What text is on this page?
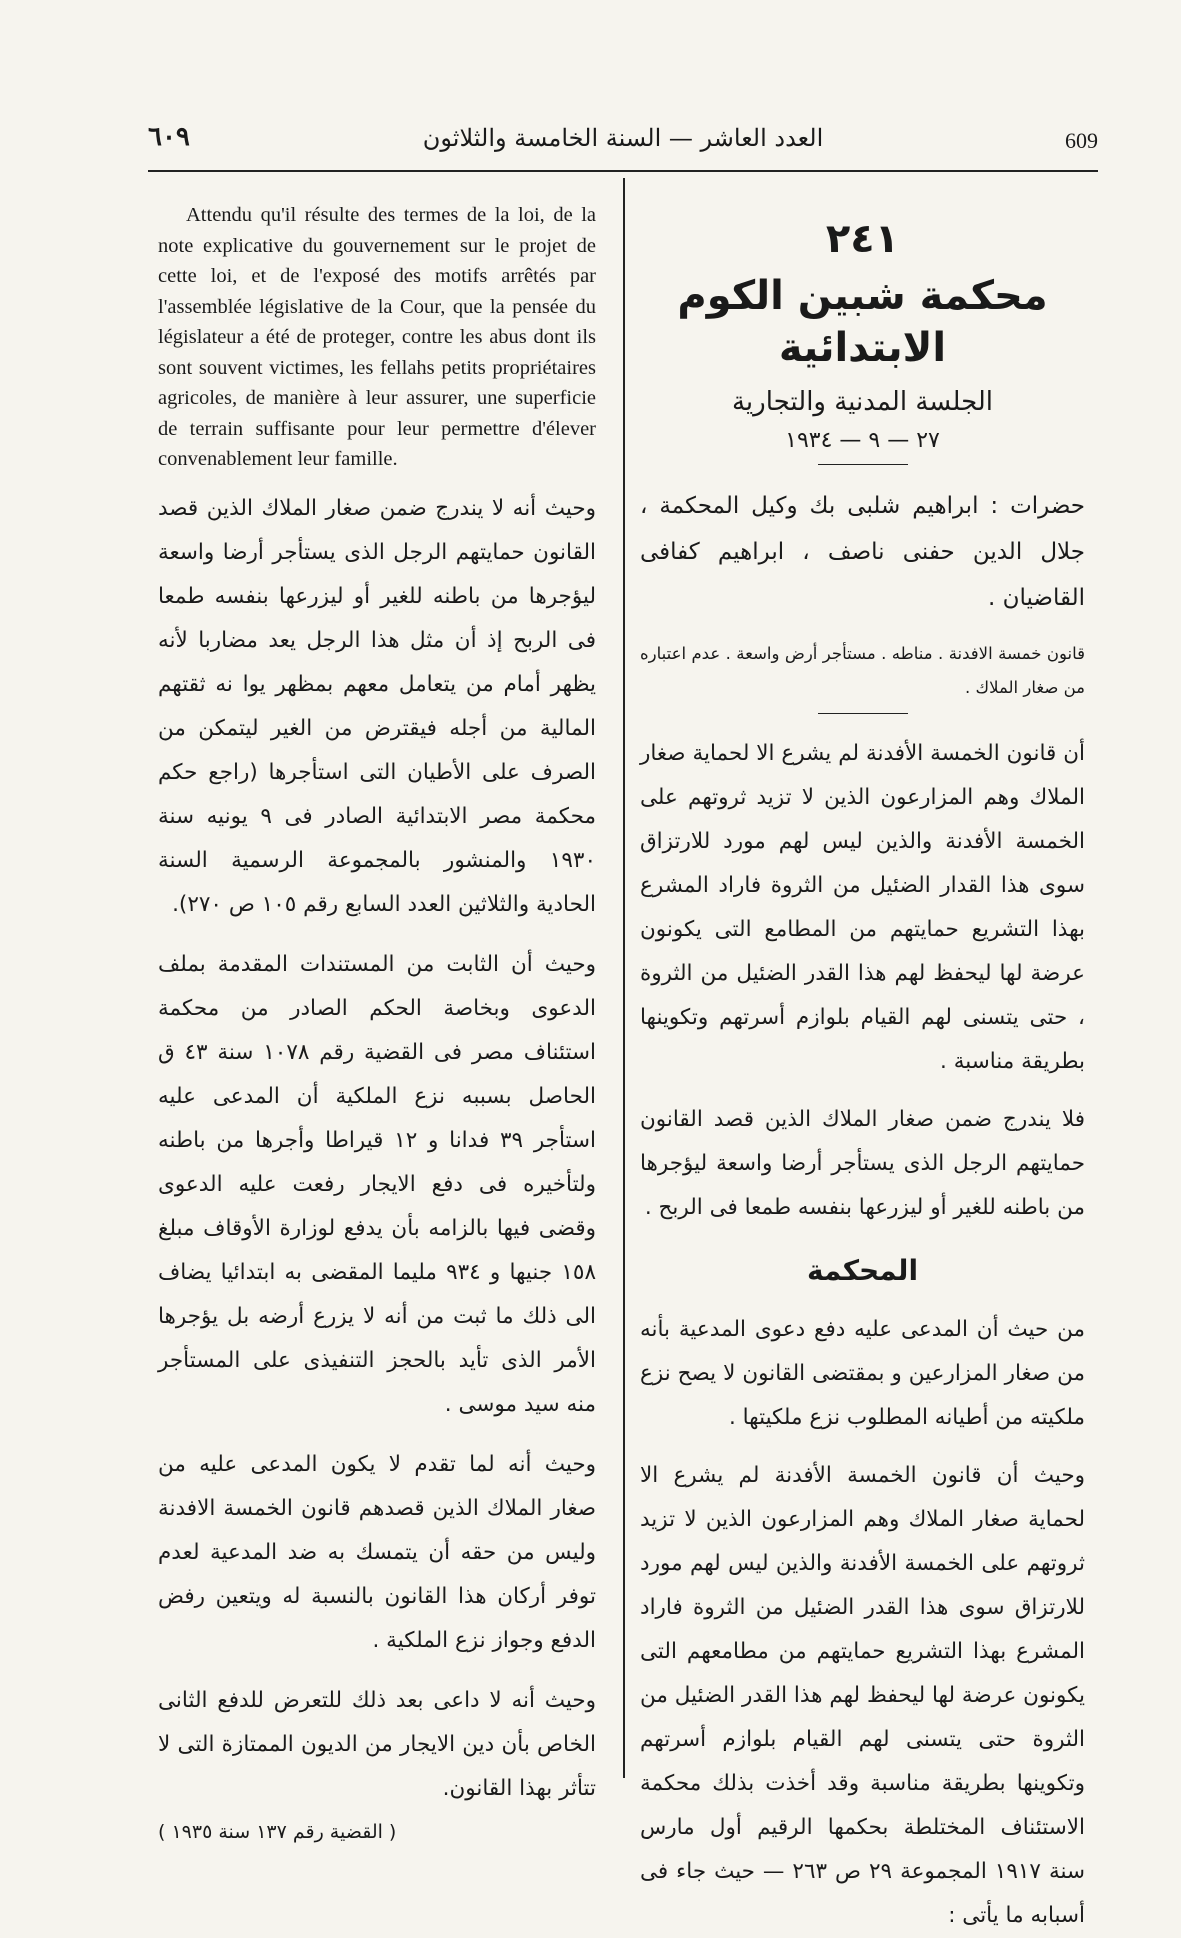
٦٠٩	العدد العاشر — السنة الخامسة والثلاثون	609

Attendu qu'il résulte des termes de la loi, de la note explicative du gouvernement sur le projet de cette loi, et de l'exposé des motifs arrêtés par l'assemblée législative de la Cour, que la pensée du législateur a été de proteger, contre les abus dont ils sont souvent victimes, les fellahs petits propriétaires agricoles, de manière à leur assurer, une superficie de terrain suffisante pour leur permettre d'élever convenablement leur famille.

وحيث أنه لا يندرج ضمن صغار الملاك الذين قصد القانون حمايتهم الرجل الذى يستأجر أرضا واسعة ليؤجرها من باطنه للغير أو ليزرعها بنفسه طمعا فى الربح إذ أن مثل هذا الرجل يعد مضاربا لأنه يظهر أمام من يتعامل معهم بمظهر يوا نه ثقتهم المالية من أجله فيقترض من الغير ليتمكن من الصرف على الأطيان التى استأجرها (راجع حكم محكمة مصر الابتدائية الصادر فى ٩ يونيه سنة ١٩٣٠ والمنشور بالمجموعة الرسمية السنة الحادية والثلاثين العدد السابع رقم ١٠٥ ص ٢٧٠).

وحيث أن الثابت من المستندات المقدمة بملف الدعوى وبخاصة الحكم الصادر من محكمة استئناف مصر فى القضية رقم ١٠٧٨ سنة ٤٣ ق الحاصل بسببه نزع الملكية أن المدعى عليه استأجر ٣٩ فدانا و ١٢ قيراطا وأجرها من باطنه ولتأخيره فى دفع الايجار رفعت عليه الدعوى وقضى فيها بالزامه بأن يدفع لوزارة الأوقاف مبلغ ١٥٨ جنيها و ٩٣٤ مليما المقضى به ابتدائيا يضاف الى ذلك ما ثبت من أنه لا يزرع أرضه بل يؤجرها الأمر الذى تأيد بالحجز التنفيذى على المستأجر منه سيد موسى .

وحيث أنه لما تقدم لا يكون المدعى عليه من صغار الملاك الذين قصدهم قانون الخمسة الافدنة وليس من حقه أن يتمسك به ضد المدعية لعدم توفر أركان هذا القانون بالنسبة له ويتعين رفض الدفع وجواز نزع الملكية .

وحيث أنه لا داعى بعد ذلك للتعرض للدفع الثانى الخاص بأن دين الايجار من الديون الممتازة التى لا تتأثر بهذا القانون.

( القضية رقم ١٣٧ سنة ١٩٣٥ )
٢٤١
محكمة شبين الكوم الابتدائية
الجلسة المدنية والتجارية
٢٧ — ٩ — ١٩٣٤

حضرات : ابراهيم شلبى بك وكيل المحكمة ، جلال الدين حفنى ناصف ، ابراهيم كفافى القاضيان .

قانون خمسة الافدنة . مناطه . مستأجر أرض واسعة . عدم اعتباره من صغار الملاك .

أن قانون الخمسة الأفدنة لم يشرع الا لحماية صغار الملاك وهم المزارعون الذين لا تزيد ثروتهم على الخمسة الأفدنة والذين ليس لهم مورد للارتزاق سوى هذا القدار الضئيل من الثروة فاراد المشرع بهذا التشريع حمايتهم من المطامع التى يكونون عرضة لها ليحفظ لهم هذا القدر الضئيل من الثروة ، حتى يتسنى لهم القيام بلوازم أسرتهم وتكوينها بطريقة مناسبة .

فلا يندرج ضمن صغار الملاك الذين قصد القانون حمايتهم الرجل الذى يستأجر أرضا واسعة ليؤجرها من باطنه للغير أو ليزرعها بنفسه طمعا فى الربح .

المحكمة

من حيث أن المدعى عليه دفع دعوى المدعية بأنه من صغار المزارعين و بمقتضى القانون لا يصح نزع ملكيته من أطيانه المطلوب نزع ملكيتها .

وحيث أن قانون الخمسة الأفدنة لم يشرع الا لحماية صغار الملاك وهم المزارعون الذين لا تزيد ثروتهم على الخمسة الأفدنة والذين ليس لهم مورد للارتزاق سوى هذا القدر الضئيل من الثروة فاراد المشرع بهذا التشريع حمايتهم من مطامعهم التى يكونون عرضة لها ليحفظ لهم هذا القدر الضئيل من الثروة حتى يتسنى لهم القيام بلوازم أسرتهم وتكوينها بطريقة مناسبة وقد أخذت بذلك محكمة الاستئناف المختلطة بحكمها الرقيم أول مارس سنة ١٩١٧ المجموعة ٢٩ ص ٢٦٣ — حيث جاء فى أسبابه ما يأتى :
